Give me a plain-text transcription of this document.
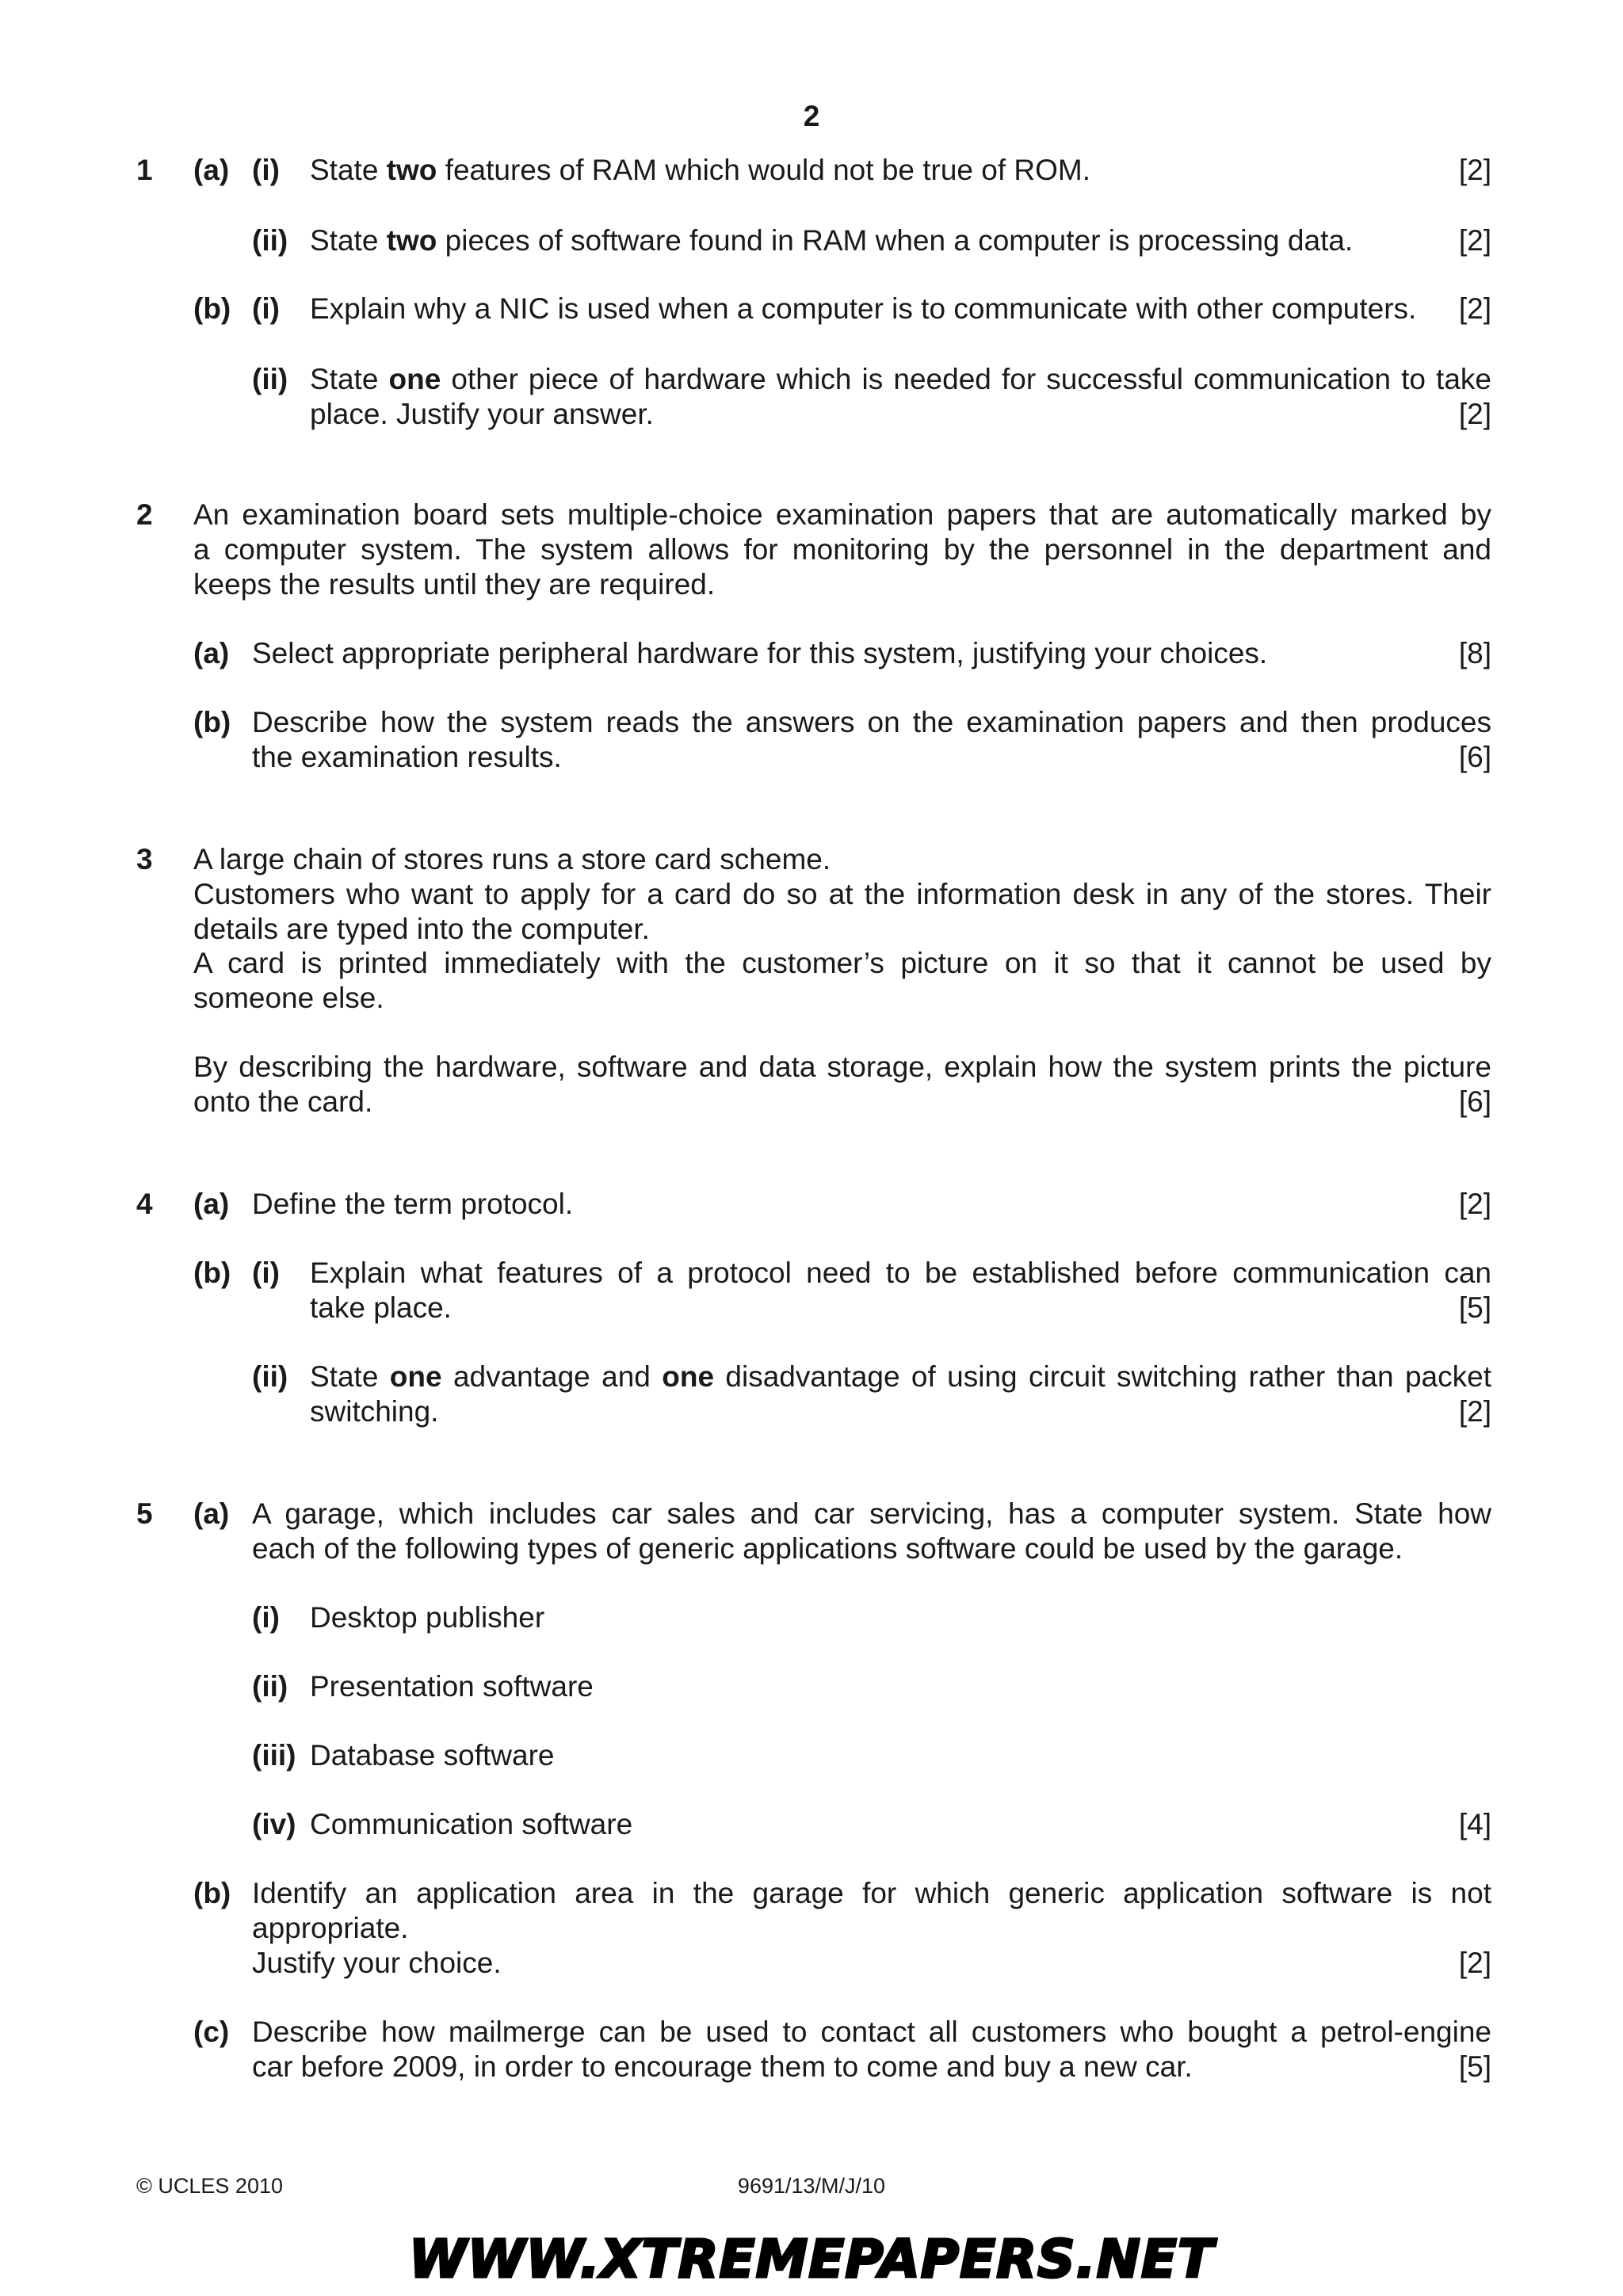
2
1 (a) (i) State two features of RAM which would not be true of ROM.	[2]
(ii) State two pieces of software found in RAM when a computer is processing data.	[2]
(b) (i) Explain why a NIC is used when a computer is to communicate with other computers. [2]
(ii) State one other piece of hardware which is needed for successful communication to take
place. Justify your answer.	[2]
2 An examination board sets multiple-choice examination papers that are automatically marked by
a computer system. The system allows for monitoring by the personnel in the department and
keeps the results until they are required.
(a) Select appropriate peripheral hardware for this system, justifying your choices.	[8]
(b) Describe how the system reads the answers on the examination papers and then produces
the examination results.	[6]
3 A large chain of stores runs a store card scheme.
Customers who want to apply for a card do so at the information desk in any of the stores. Their
details are typed into the computer.
A card is printed immediately with the customer’s picture on it so that it cannot be used by
someone else.
By describing the hardware, software and data storage, explain how the system prints the picture
onto the card.	[6]
4 (a) Define the term protocol.	[2]
(b) (i) Explain what features of a protocol need to be established before communication can
take place.	[5]
(ii) State one advantage and one disadvantage of using circuit switching rather than packet
switching.	[2]
5 (a) A garage, which includes car sales and car servicing, has a computer system. State how
each of the following types of generic applications software could be used by the garage.
(i) Desktop publisher
(ii) Presentation software
(iii) Database software
(iv) Communication software	[4]
(b) Identify an application area in the garage for which generic application software is not
appropriate.
Justify your choice.	[2]
(c) Describe how mailmerge can be used to contact all customers who bought a petrol-engine
car before 2009, in order to encourage them to come and buy a new car.	[5]
© UCLES 2010	9691/13/M/J/10
WWW.XTREMEPAPERS.NET
